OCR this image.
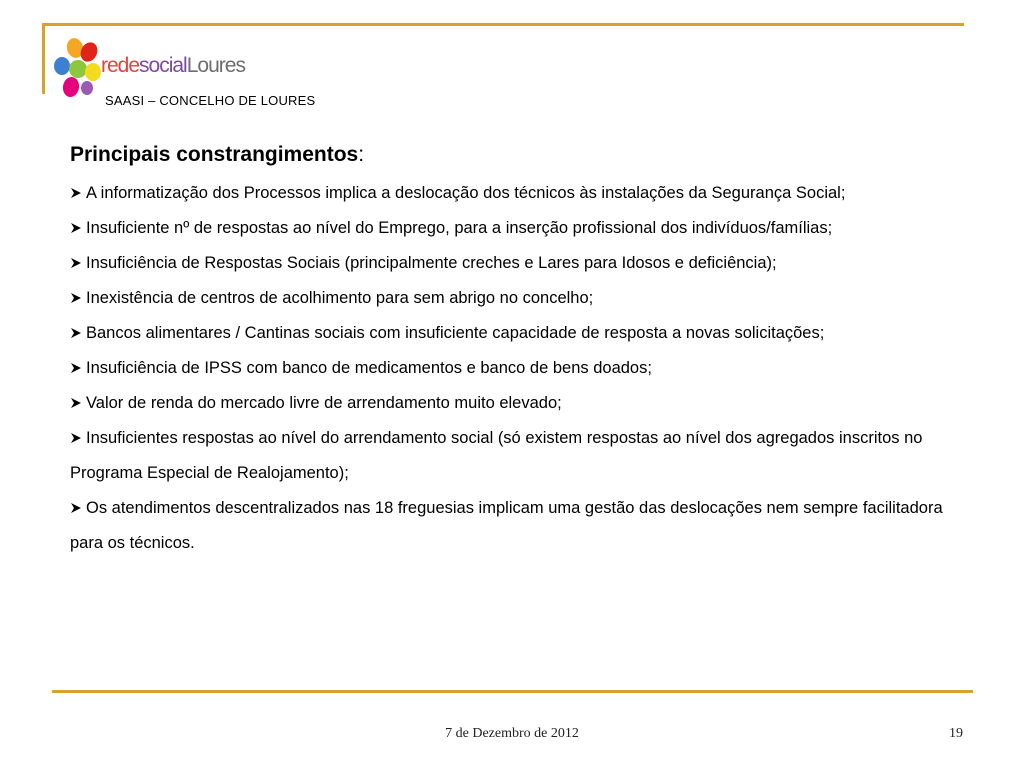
redesocialLoures
SAASI – CONCELHO DE LOURES
Principais constrangimentos:

A informatização dos Processos implica a deslocação dos técnicos às instalações da Segurança Social;

Insuficiente nº de respostas ao nível do Emprego, para a inserção profissional dos indivíduos/famílias;

Insuficiência de Respostas Sociais (principalmente creches e Lares para Idosos e deficiência);

Inexistência de centros de acolhimento para sem abrigo no concelho;

Bancos alimentares / Cantinas sociais com insuficiente capacidade de resposta a novas solicitações;

Insuficiência de IPSS com banco de medicamentos e banco de bens doados;

Valor de renda do mercado livre de arrendamento muito elevado;

Insuficientes respostas ao nível do arrendamento social (só existem respostas ao nível dos agregados inscritos no Programa Especial de Realojamento);

Os atendimentos descentralizados nas 18 freguesias implicam uma gestão das deslocações nem sempre facilitadora para os técnicos.

7 de Dezembro de 2012	19
